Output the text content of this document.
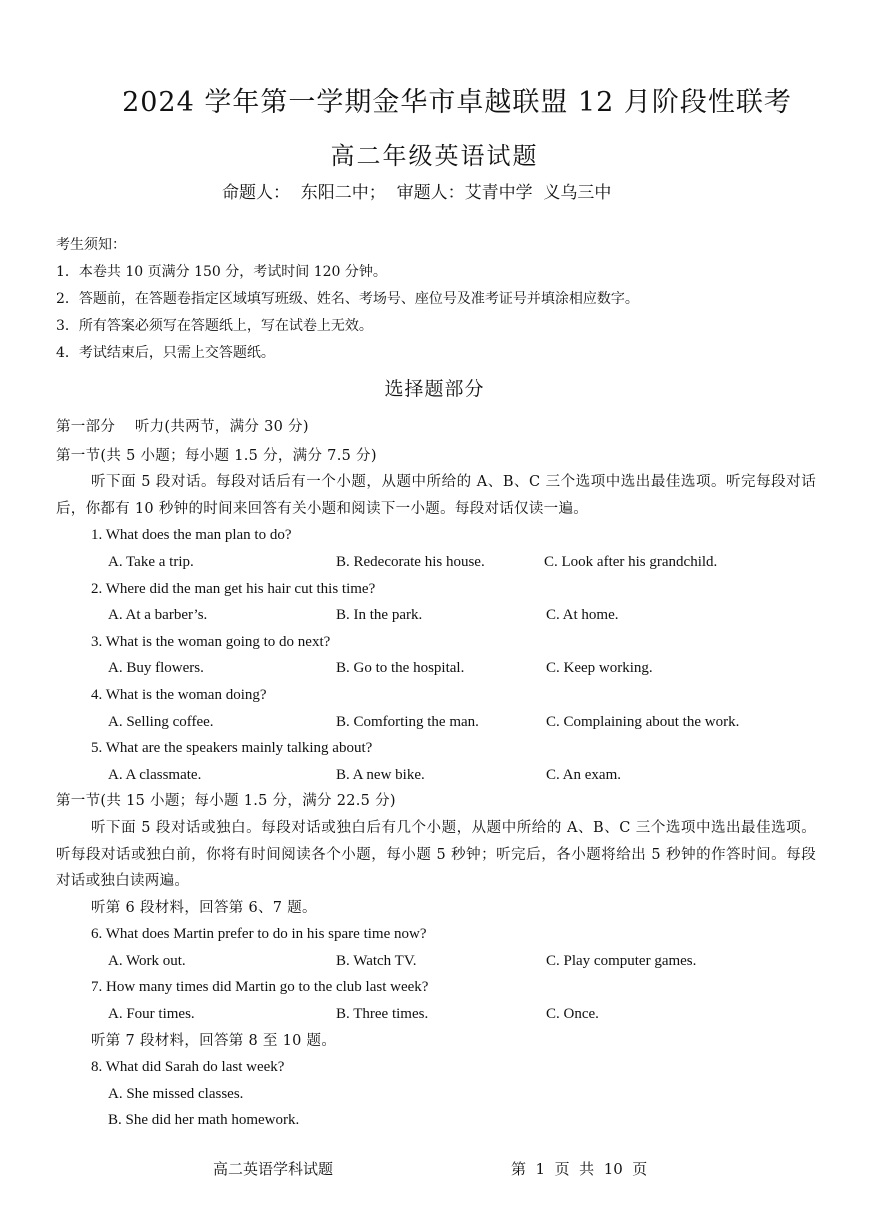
2024 学年第一学期金华市卓越联盟 12 月阶段性联考
高二年级英语试题
命题人：  东阳二中；  审题人：艾青中学  义乌三中
考生须知：
1．本卷共 10 页满分 150 分，考试时间 120 分钟。
2．答题前，在答题卷指定区域填写班级、姓名、考场号、座位号及准考证号并填涂相应数字。
3．所有答案必须写在答题纸上，写在试卷上无效。
4．考试结束后，只需上交答题纸。
选择题部分
第一部分    听力(共两节，满分 30 分)
第一节(共 5 小题；每小题 1.5 分，满分 7.5 分)
听下面 5 段对话。每段对话后有一个小题，从题中所给的 A、B、C 三个选项中选出最佳选项。听完每段对话后，你都有 10 秒钟的时间来回答有关小题和阅读下一小题。每段对话仅读一遍。
1. What does the man plan to do?
A. Take a trip.	B. Redecorate his house.	C. Look after his grandchild.
2. Where did the man get his hair cut this time?
A. At a barber’s.	B. In the park.	C. At home.
3. What is the woman going to do next?
A. Buy flowers.	B. Go to the hospital.	C. Keep working.
4. What is the woman doing?
A. Selling coffee.	B. Comforting the man.	C. Complaining about the work.
5. What are the speakers mainly talking about?
A. A classmate.	B. A new bike.	C. An exam.
第一节(共 15 小题；每小题 1.5 分，满分 22.5 分)
听下面 5 段对话或独白。每段对话或独白后有几个小题，从题中所给的 A、B、C 三个选项中选出最佳选项。听每段对话或独白前，你将有时间阅读各个小题，每小题 5 秒钟；听完后，各小题将给出 5 秒钟的作答时间。每段对话或独白读两遍。
听第 6 段材料，回答第 6、7 题。
6. What does Martin prefer to do in his spare time now?
A. Work out.	B. Watch TV.	C. Play computer games.
7. How many times did Martin go to the club last week?
A. Four times.	B. Three times.	C. Once.
听第 7 段材料，回答第 8 至 10 题。
8. What did Sarah do last week?
A. She missed classes.
B. She did her math homework.
高二英语学科试题	第  1  页  共  10  页
